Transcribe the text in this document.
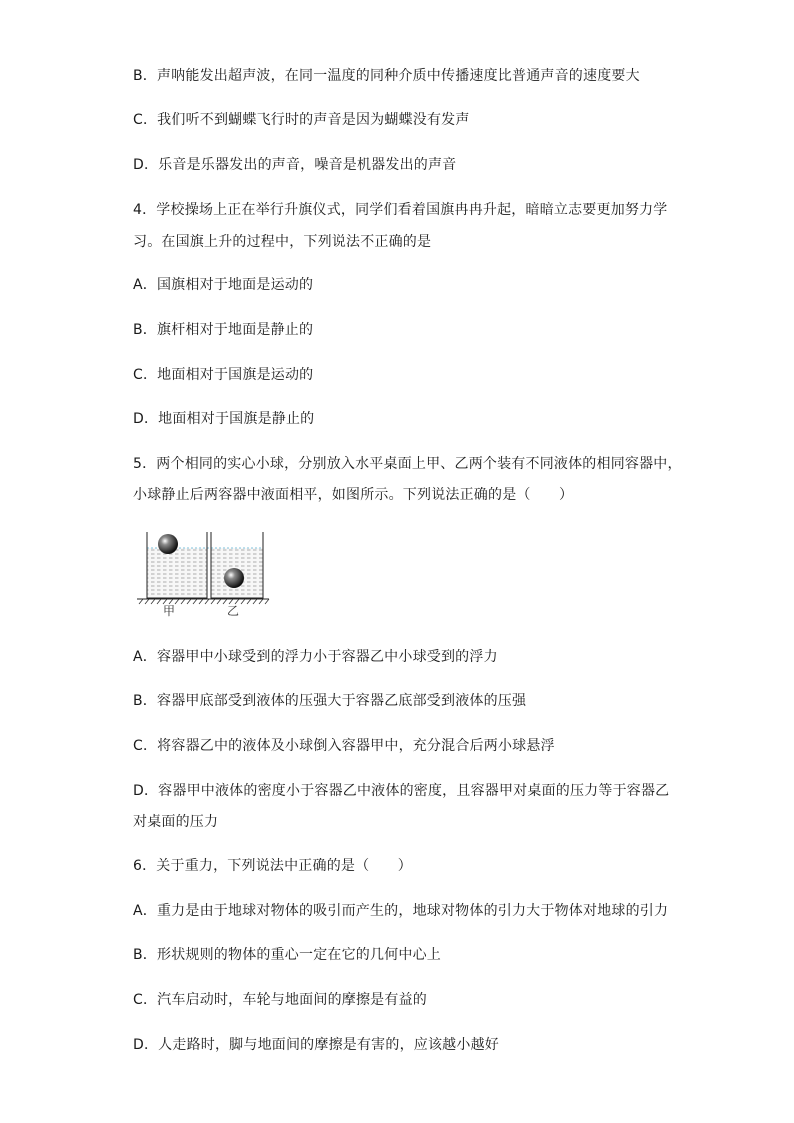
B．声呐能发出超声波，在同一温度的同种介质中传播速度比普通声音的速度要大
C．我们听不到蝴蝶飞行时的声音是因为蝴蝶没有发声
D．乐音是乐器发出的声音，噪音是机器发出的声音
4．学校操场上正在举行升旗仪式，同学们看着国旗冉冉升起，暗暗立志要更加努力学
习。在国旗上升的过程中，下列说法不正确的是
A．国旗相对于地面是运动的
B．旗杆相对于地面是静止的
C．地面相对于国旗是运动的
D．地面相对于国旗是静止的
5．两个相同的实心小球，分别放入水平桌面上甲、乙两个装有不同液体的相同容器中，
小球静止后两容器中液面相平，如图所示。下列说法正确的是（　　）
甲	乙
A．容器甲中小球受到的浮力小于容器乙中小球受到的浮力
B．容器甲底部受到液体的压强大于容器乙底部受到液体的压强
C．将容器乙中的液体及小球倒入容器甲中，充分混合后两小球悬浮
D．容器甲中液体的密度小于容器乙中液体的密度，且容器甲对桌面的压力等于容器乙
对桌面的压力
6．关于重力，下列说法中正确的是（　　）
A．重力是由于地球对物体的吸引而产生的，地球对物体的引力大于物体对地球的引力
B．形状规则的物体的重心一定在它的几何中心上
C．汽车启动时，车轮与地面间的摩擦是有益的
D．人走路时，脚与地面间的摩擦是有害的，应该越小越好
